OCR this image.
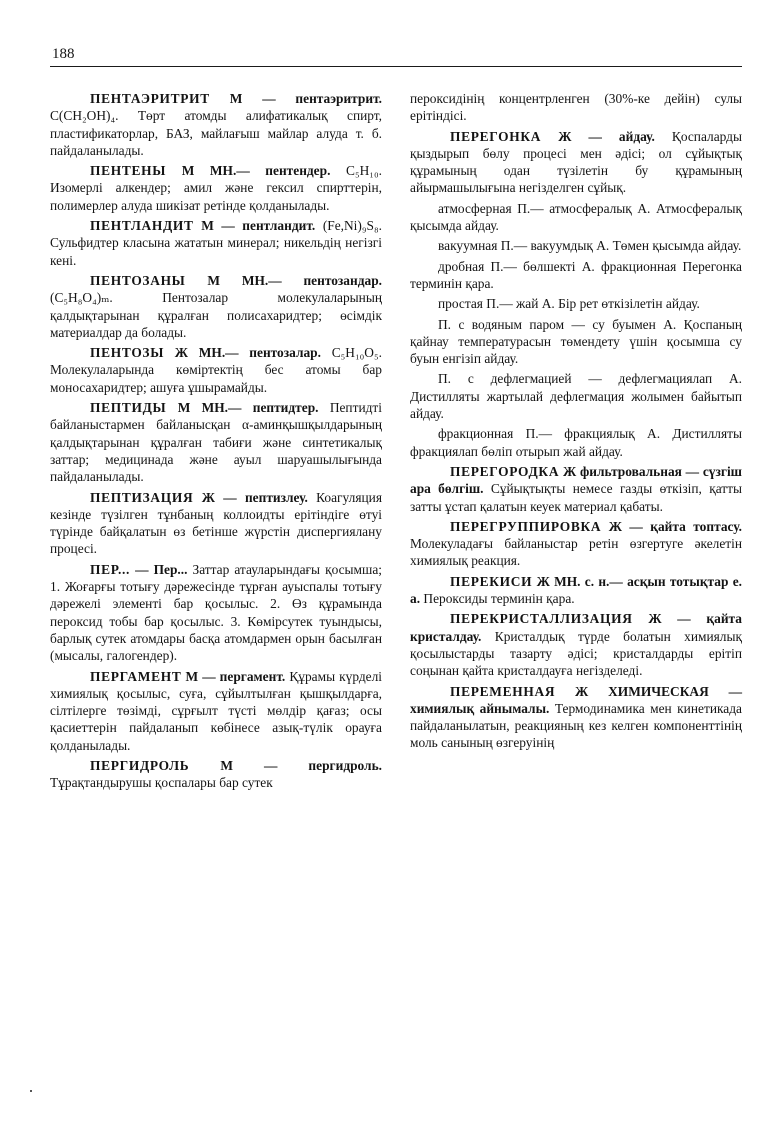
188
ПЕНТАЭРИТРИТ М — пентаэритрит. C(CH₂OH)₄. Төрт атомды алифатикалық спирт, пластификаторлар, БАЗ, майлағыш майлар алуда т. б. пайдаланылады.
ПЕНТЕНЫ М МН.— пентендер. C₅H₁₀. Изомерлі алкендер; амил және гексил спирттерін, полимерлер алуда шикізат ретінде қолданылады.
ПЕНТЛАНДИТ М — пентландит. (Fe,Ni)₉S₈. Сульфидтер класына жататын минерал; никельдің негізгі кені.
ПЕНТОЗАНЫ М МН.— пентозандар. (C₅H₈O₄)ₘ. Пентозалар молекулаларының қалдықтарынан құралған полисахаридтер; өсімдік материалдар да болады.
ПЕНТОЗЫ Ж МН.— пентозалар. C₅H₁₀O₅. Молекулаларында көміртектің бес атомы бар моносахаридтер; ашуға ұшырамайды.
ПЕПТИДЫ М МН.— пептидтер. Пептидті байланыстармен байланысқан α-аминқышқылдарының қалдықтарынан құралған табиғи және синтетикалық заттар; медицинада және ауыл шаруашылығында пайдаланылады.
ПЕПТИЗАЦИЯ Ж — пептизлеу. Коагуляция кезінде түзілген тұнбаның коллоидты ерітіндіге өтуі түрінде байқалатын өз бетінше жүрстін диспергиялану процесі.
ПЕР... — Пер... Заттар атауларындағы қосымша; 1. Жоғарғы тотығу дәрежесінде тұрған ауыспалы тотығу дәрежелі элементі бар қосылыс. 2. Өз құрамында пероксид тобы бар қосылыс. 3. Көмірсутек туындысы, барлық сутек атомдары басқа атомдармен орын басылған (мысалы, галогендер).
ПЕРГАМЕНТ М — пергамент. Құрамы күрделі химиялық қосылыс, суға, сұйылтылған қышқылдарға, сілтілерге төзімді, сұрғылт түсті мөлдір қағаз; осы қасиеттерін пайдаланып көбінесе азық-түлік орауға қолданылады.
ПЕРГИДРОЛЬ М — пергидроль. Тұрақтандырушы қоспалары бар сутек
пероксидінің концентрленген (30%-ке дейін) сулы ерітіндісі.
ПЕРЕГОНКА Ж — айдау. Қоспаларды қыздырып бөлу процесі мен әдісі; ол сұйықтық құрамының одан түзілетін бу құрамының айырмашылығына негізделген сұйық.
атмосферная П.— атмосфералық А. Атмосфералық қысымда айдау.
вакуумная П.— вакуумдық А. Төмен қысымда айдау.
дробная П.— бөлшекті А. фракционная Перегонка терминін қара.
простая П.— жай А. Бір рет өткізілетін айдау.
П. с водяным паром — су буымен А. Қоспаның қайнау температурасын төмендету үшін қосымша су буын енгізіп айдау.
П. с дефлегмацией — дефлегмациялап А. Дистилляты жартылай дефлегмация жолымен байытып айдау.
фракционная П.— фракциялық А. Дистилляты фракциялап бөліп отырып жай айдау.
ПЕРЕГОРОДКА Ж фильтровальная — сүзгіш ара бөлгіш. Сұйықтықты немесе газды өткізіп, қатты затты ұстап қалатын кеуек материал қабаты.
ПЕРЕГРУППИРОВКА Ж — қайта топтасу. Молекуладағы байланыстар ретін өзгертуге әкелетін химиялық реакция.
ПЕРЕКИСИ Ж МН. с. н.— асқын тотықтар е. а. Пероксиды терминін қара.
ПЕРЕКРИСТАЛЛИЗАЦИЯ Ж — қайта кристалдау. Кристалдық түрде болатын химиялық қосылыстарды тазарту әдісі; кристалдарды ерітіп соңынан қайта кристалдауға негізделеді.
ПЕРЕМЕННАЯ Ж ХИМИЧЕСКАЯ — химиялық айнымалы. Термодинамика мен кинетикада пайдаланылатын, реакцияның кез келген компоненттінің моль санының өзгеруінің
